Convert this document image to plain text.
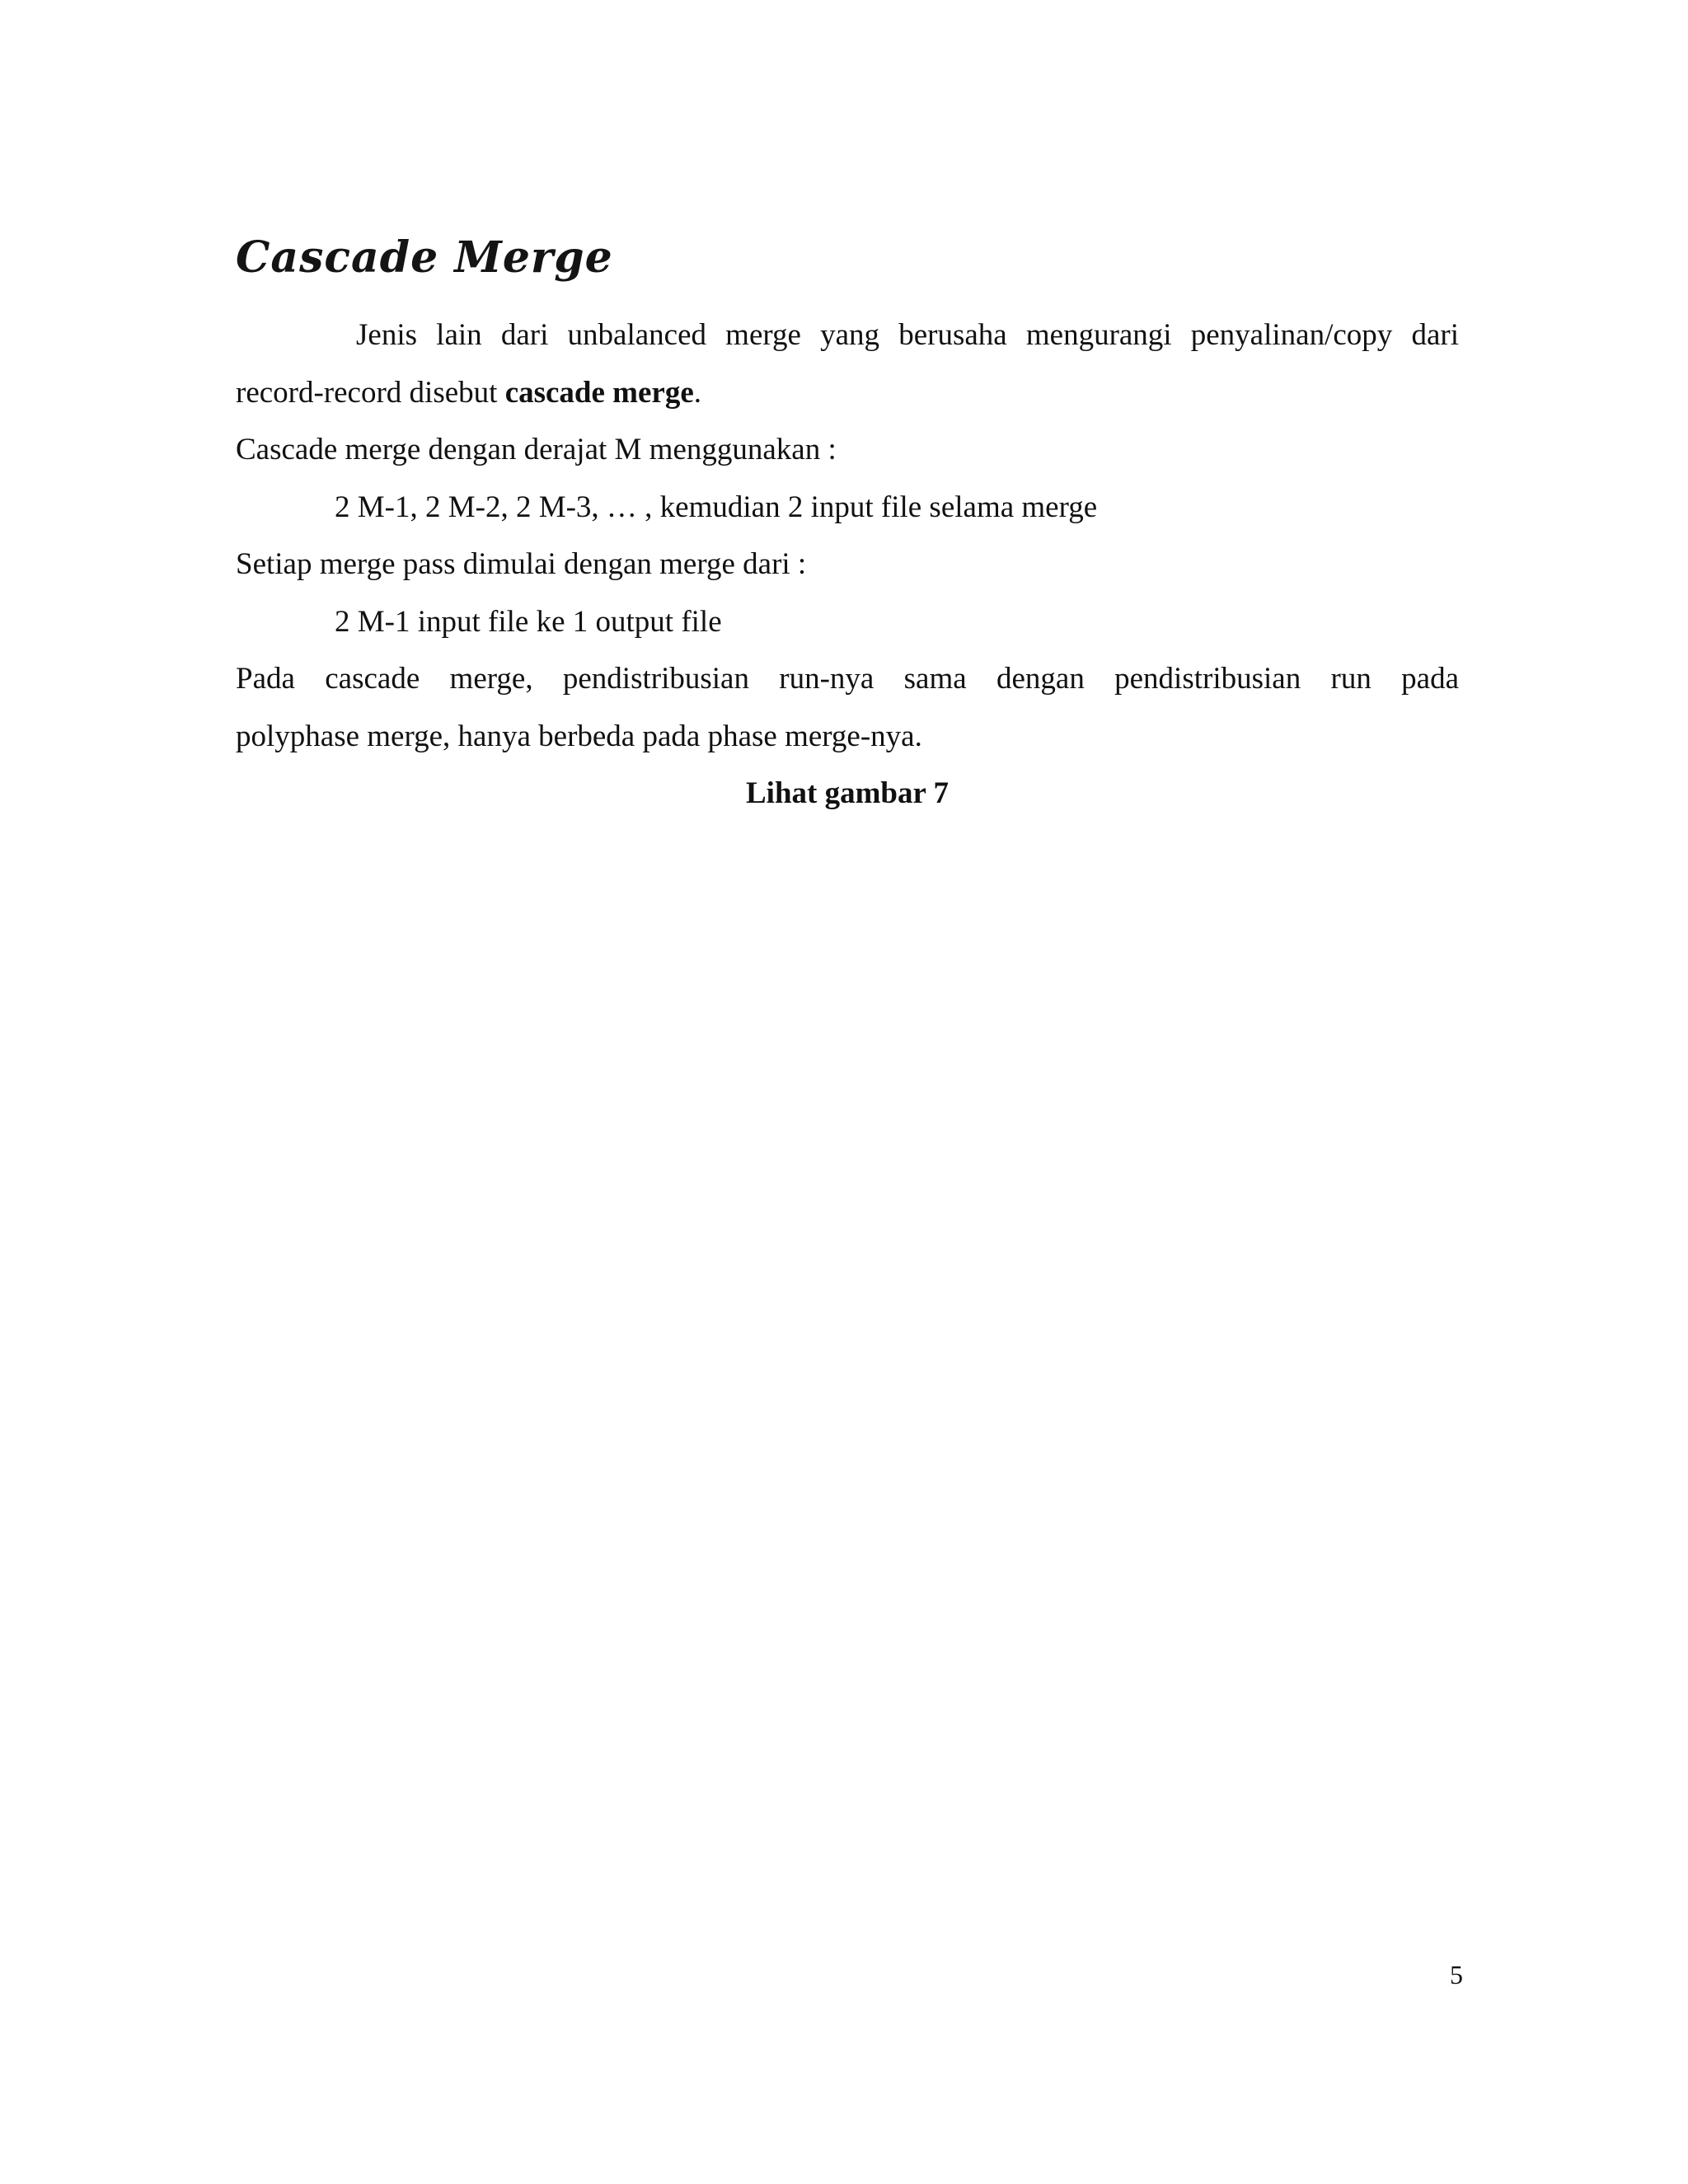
Cascade Merge
Jenis lain dari unbalanced merge yang berusaha mengurangi penyalinan/copy dari
record-record disebut cascade merge.
Cascade merge dengan derajat M menggunakan :
2 M-1, 2 M-2, 2 M-3, … , kemudian 2 input file selama merge
Setiap merge pass dimulai dengan merge dari :
2 M-1 input file ke 1 output file
Pada cascade merge, pendistribusian run-nya sama dengan pendistribusian run pada
polyphase merge, hanya berbeda pada phase merge-nya.
Lihat gambar 7
5
